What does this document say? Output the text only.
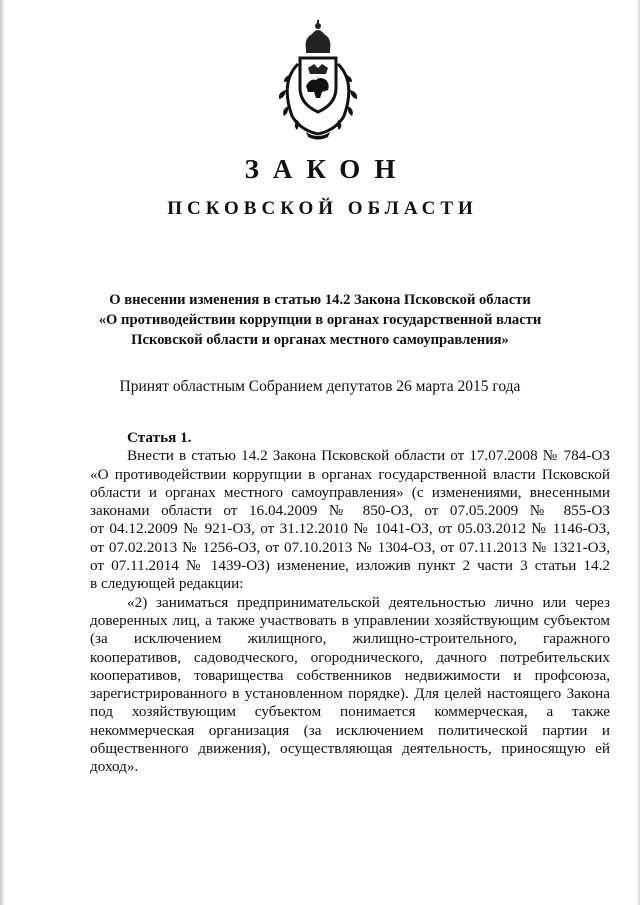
ЗАКОН
ПСКОВСКОЙ ОБЛАСТИ
О внесении изменения в статью 14.2 Закона Псковской области
«О противодействии коррупции в органах государственной власти
Псковской области и органах местного самоуправления»
Принят областным Собранием депутатов 26 марта 2015 года
Статья 1.
Внести в статью 14.2 Закона Псковской области от 17.07.2008 № 784-ОЗ
«О противодействии коррупции в органах государственной власти Псковской
области и органах местного самоуправления» (с изменениями, внесенными
законами области от 16.04.2009 № 850-ОЗ, от 07.05.2009 № 855-ОЗ
от 04.12.2009 № 921-ОЗ, от 31.12.2010 № 1041-ОЗ, от 05.03.2012 № 1146-ОЗ,
от 07.02.2013 № 1256-ОЗ, от 07.10.2013 № 1304-ОЗ, от 07.11.2013 № 1321-ОЗ,
от 07.11.2014 № 1439-ОЗ) изменение, изложив пункт 2 части 3 статьи 14.2
в следующей редакции:
«2) заниматься предпринимательской деятельностью лично или через
доверенных лиц, а также участвовать в управлении хозяйствующим субъектом
(за исключением жилищного, жилищно-строительного, гаражного
кооперативов, садоводческого, огороднического, дачного потребительских
кооперативов, товарищества собственников недвижимости и профсоюза,
зарегистрированного в установленном порядке). Для целей настоящего Закона
под хозяйствующим субъектом понимается коммерческая, а также
некоммерческая организация (за исключением политической партии и
общественного движения), осуществляющая деятельность, приносящую ей
доход».
